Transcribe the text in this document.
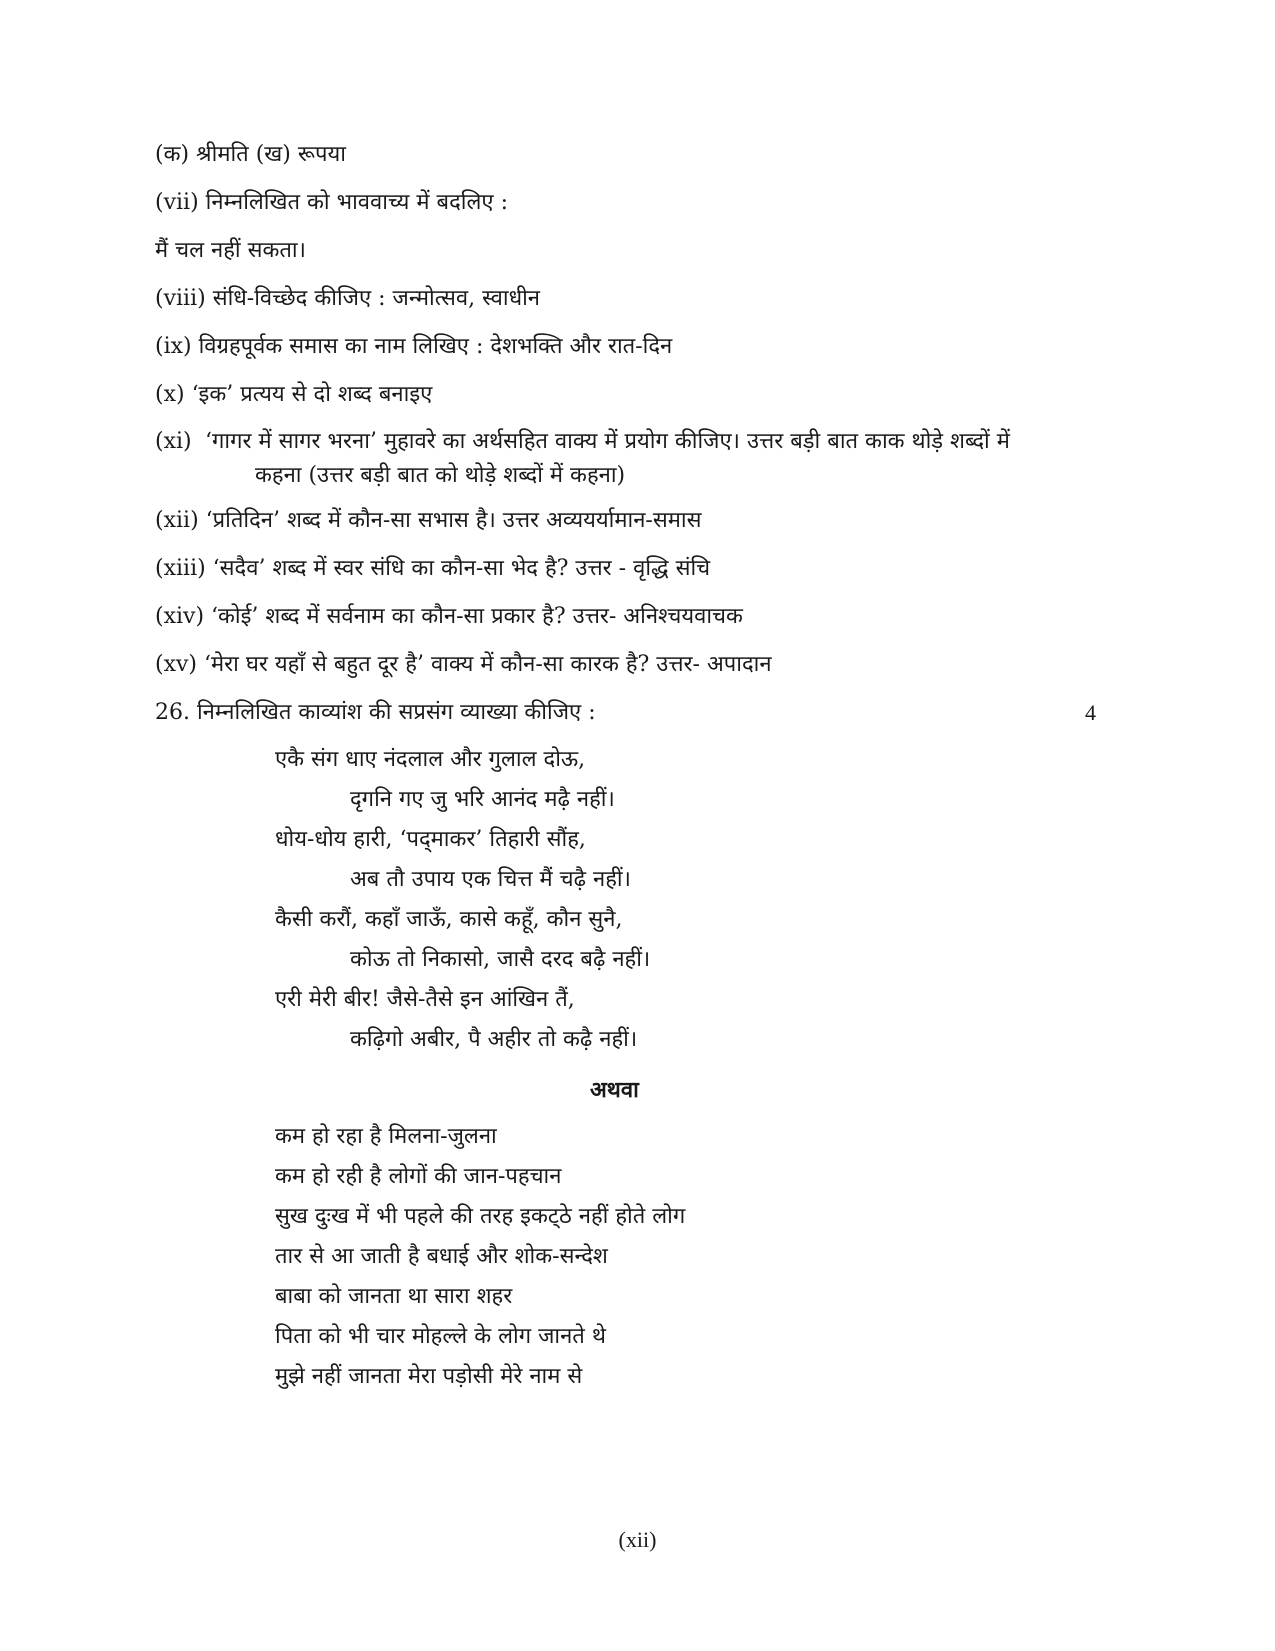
(क) श्रीमति (ख) रूपया
(vii) निम्नलिखित को भाववाच्य में बदलिए :
मैं चल नहीं सकता।
(viii) संधि-विच्छेद कीजिए : जन्मोत्सव, स्वाधीन
(ix) विग्रहपूर्वक समास का नाम लिखिए : देशभक्ति और रात-दिन
(x) ‘इक’ प्रत्यय से दो शब्द बनाइए
(xi) ‘गागर में सागर भरना’ मुहावरे का अर्थसहित वाक्य में प्रयोग कीजिए। उत्तर बड़ी बात काक थोड़े शब्दों में
कहना (उत्तर बड़ी बात को थोड़े शब्दों में कहना)
(xii) ‘प्रतिदिन’ शब्द में कौन-सा सभास है। उत्तर अव्ययर्यामान-समास
(xiii) ‘सदैव’ शब्द में स्वर संधि का कौन-सा भेद है? उत्तर - वृद्धि संचि
(xiv) ‘कोई’ शब्द में सर्वनाम का कौन-सा प्रकार है? उत्तर- अनिश्चयवाचक
(xv) ‘मेरा घर यहाँ से बहुत दूर है’ वाक्य में कौन-सा कारक है? उत्तर- अपादान
26. निम्नलिखित काव्यांश की सप्रसंग व्याख्या कीजिए :	4
एकै संग धाए नंदलाल और गुलाल दोऊ,
दृगनि गए जु भरि आनंद मढ़ै नहीं।
धोय-धोय हारी, ‘पद्‌माकर’ तिहारी सौंह,
अब तौ उपाय एक चित्त मैं चढ़ै नहीं।
कैसी करौं, कहाँ जाऊँ, कासे कहूँ, कौन सुनै,
कोऊ तो निकासो, जासै दरद बढ़ै नहीं।
एरी मेरी बीर! जैसे-तैसे इन आंखिन तैं,
कढ़िगो अबीर, पै अहीर तो कढ़ै नहीं।
अथवा
कम हो रहा है मिलना-जुलना
कम हो रही है लोगों की जान-पहचान
सुख दुःख में भी पहले की तरह इकट्‌ठे नहीं होते लोग
तार से आ जाती है बधाई और शोक-सन्देश
बाबा को जानता था सारा शहर
पिता को भी चार मोहल्ले के लोग जानते थे
मुझे नहीं जानता मेरा पड़ोसी मेरे नाम से
(xii)
